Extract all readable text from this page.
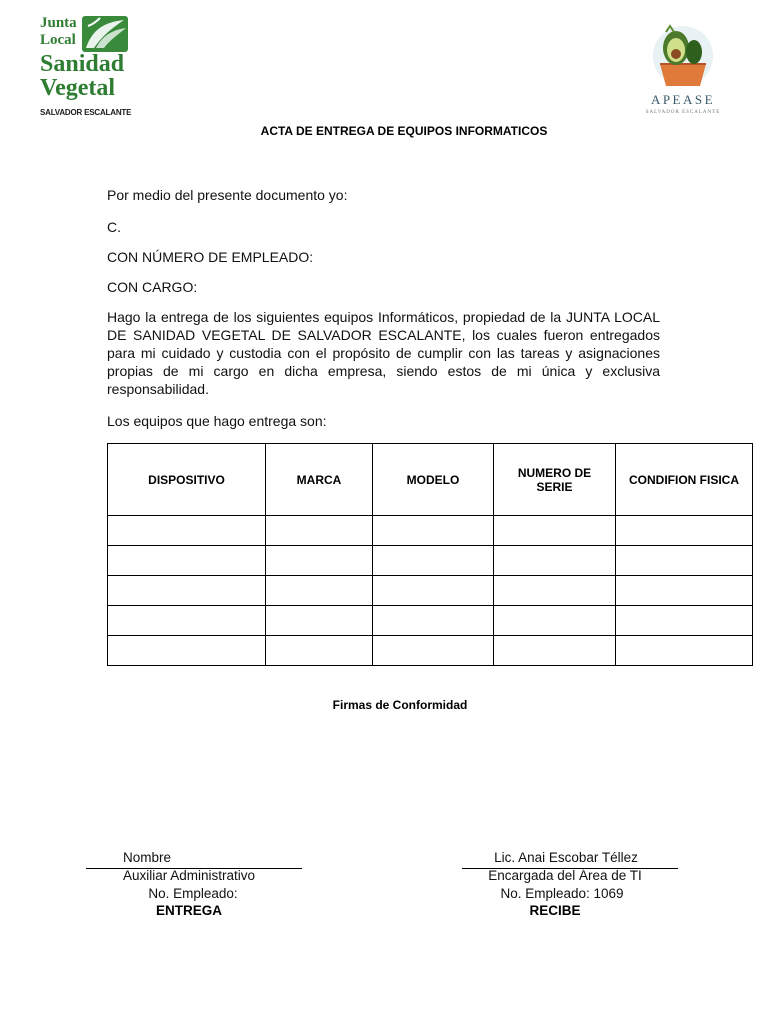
Junta
Local
Sanidad
Vegetal
SALVADOR ESCALANTE
APEASE
SALVADOR ESCALANTE
ACTA DE ENTREGA DE EQUIPOS INFORMATICOS
Por medio del presente documento yo:
C.
CON NÚMERO DE EMPLEADO:
CON CARGO:
Hago la entrega de los siguientes equipos Informáticos, propiedad de la JUNTA LOCAL DE SANIDAD VEGETAL DE SALVADOR ESCALANTE, los cuales fueron entregados para mi cuidado y custodia con el propósito de cumplir con las tareas y asignaciones propias de mi cargo en dicha empresa, siendo estos de mi única y exclusiva responsabilidad.
Los equipos que hago entrega son:
DISPOSITIVO	MARCA	MODELO	NUMERO DE SERIE	CONDIFION FISICA

Firmas de Conformidad
Nombre
Auxiliar Administrativo
No. Empleado:
ENTREGA
Lic. Anai Escobar Téllez
Encargada del Área de TI
No. Empleado: 1069
RECIBE
